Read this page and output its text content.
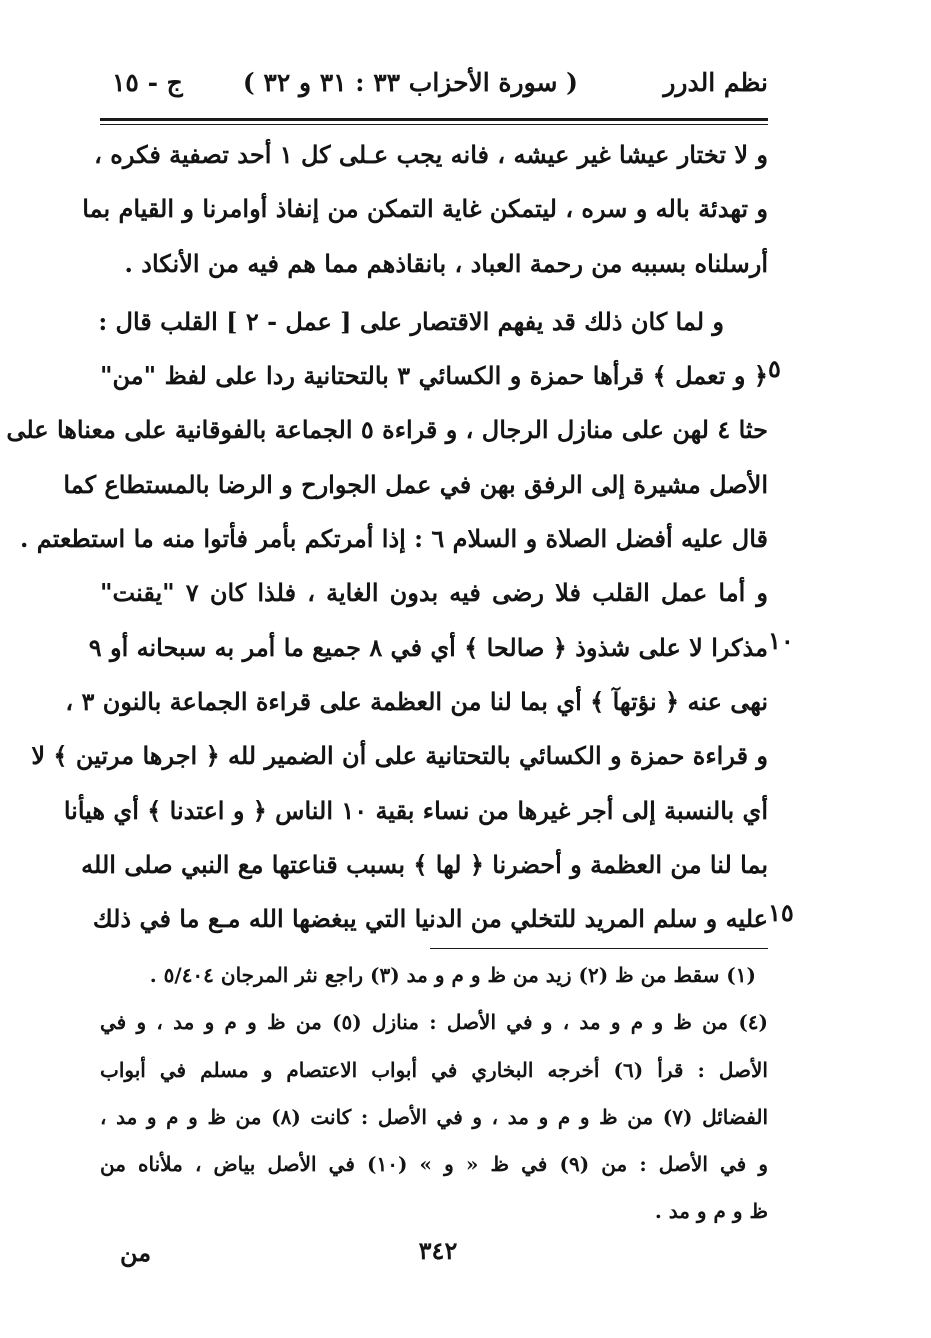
نظم الدرر
( سورة الأحزاب ٣٣ : ٣١ و ٣٢ )
ج - ١٥
و لا تختار عيشا غير عيشه ، فانه يجب عـلى كل ١ أحد تصفية فكره ،
و تهدئة باله و سره ، ليتمكن غاية التمكن من إنفاذ أوامرنا و القيام بما
أرسلناه بسببه من رحمة العباد ، بانقاذهم مما هم فيه من الأنكاد .
و لما كان ذلك قد يفهم الاقتصار على [ عمل - ٢ ] القلب قال :
﴿ و تعمل ﴾ قرأها حمزة و الكسائي ٣ بالتحتانية ردا على لفظ "من"
حثا ٤ لهن على منازل الرجال ، و قراءة ٥ الجماعة بالفوقانية على معناها على
الأصل مشيرة إلى الرفق بهن في عمل الجوارح و الرضا بالمستطاع كما
قال عليه أفضل الصلاة و السلام ٦ : إذا أمرتكم بأمر فأتوا منه ما استطعتم .
و أما عمل القلب فلا رضى فيه بدون الغاية ، فلذا كان ٧ "يقنت"
مذكرا لا على شذوذ ﴿ صالحا ﴾ أي في ٨ جميع ما أمر به سبحانه أو ٩
نهى عنه ﴿ نؤتهآ ﴾ أي بما لنا من العظمة على قراءة الجماعة بالنون ٣ ،
و قراءة حمزة و الكسائي بالتحتانية على أن الضمير لله ﴿ اجرها مرتين ﴾ لا
أي بالنسبة إلى أجر غيرها من نساء بقية ١٠ الناس ﴿ و اعتدنا ﴾ أي هيأنا
بما لنا من العظمة و أحضرنا ﴿ لها ﴾ بسبب قناعتها مع النبي صلى الله
عليه و سلم المريد للتخلي من الدنيا التي يبغضها الله مـع ما في ذلك
٥
١٠
١٥
(١) سقط من ظ (٢) زيد من ظ و م و مد (٣) راجع نثر المرجان ٥/٤٠٤ .
(٤) من ظ و م و مد ، و في الأصل : منازل (٥) من ظ و م و مد ، و في
الأصل : قرأ (٦) أخرجه البخاري في أبواب الاعتصام و مسلم في أبواب
الفضائل (٧) من ظ و م و مد ، و في الأصل : كانت (٨) من ظ و م و مد ،
و في الأصل : من (٩) في ظ « و » (١٠) في الأصل بياض ، ملأناه من
ظ و م و مد .
٣٤٢
من
